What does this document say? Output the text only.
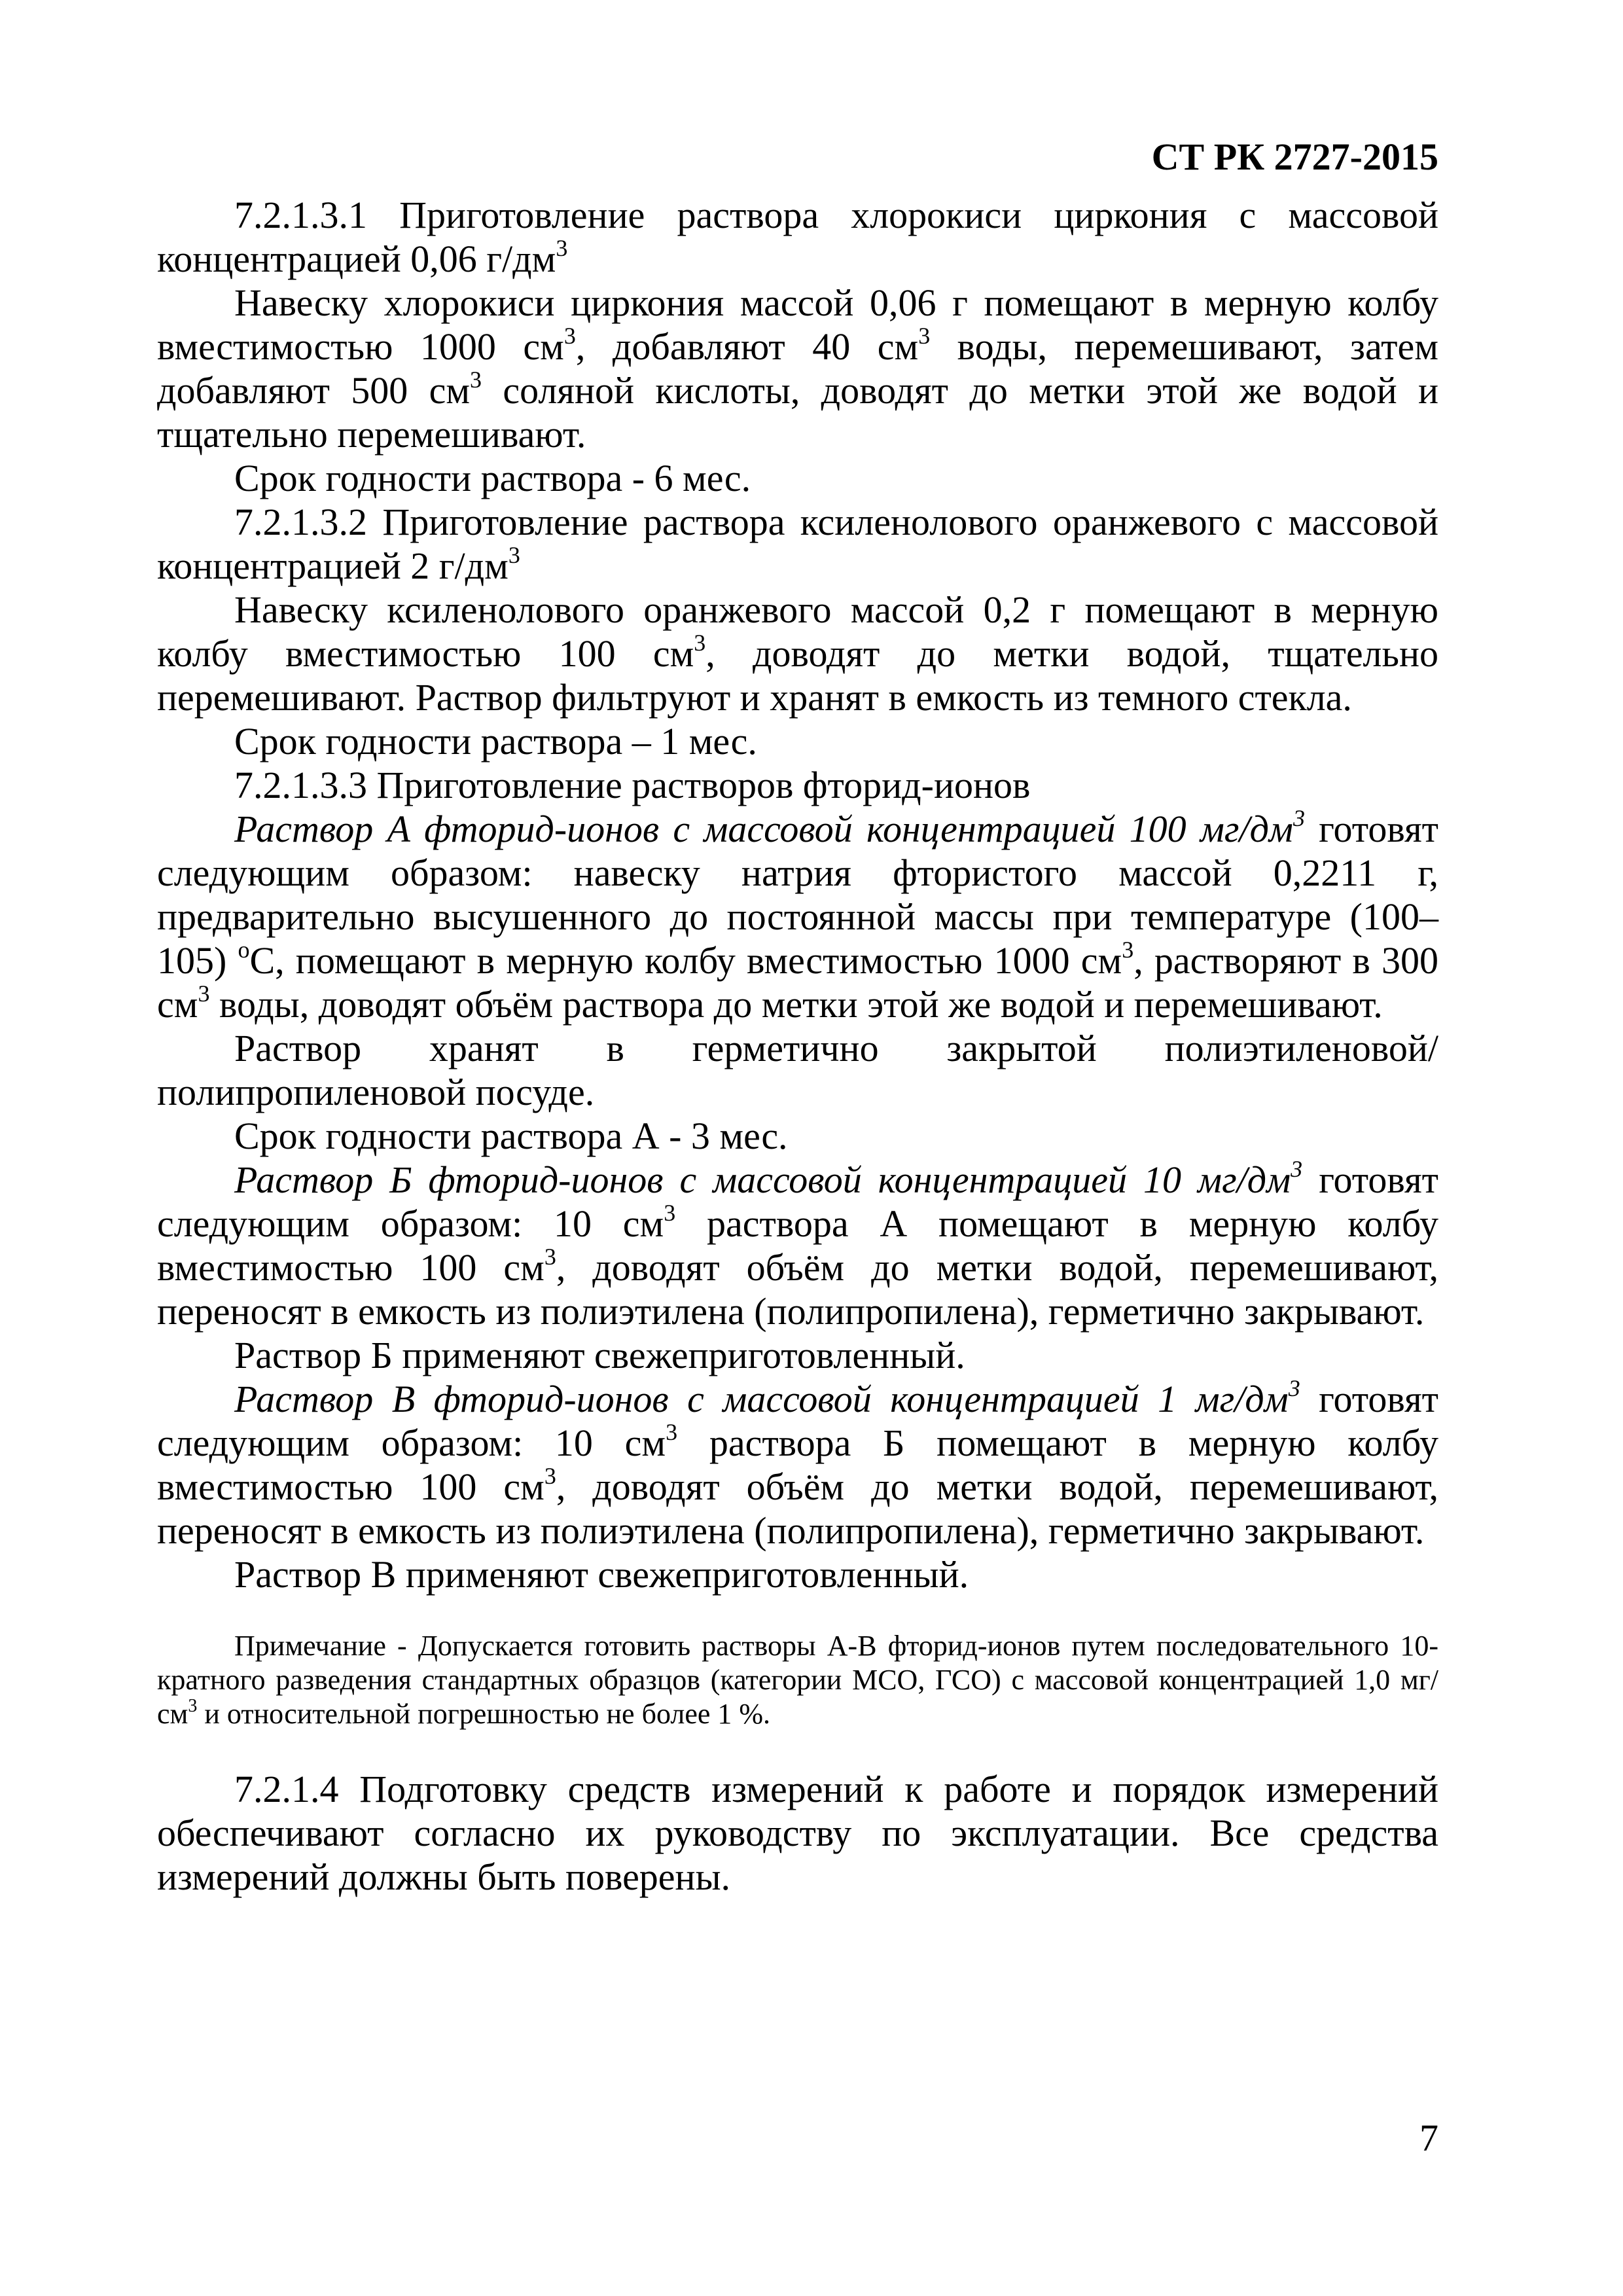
СТ РК 2727-2015

7.2.1.3.1 Приготовление раствора хлорокиси циркония с массовой концентрацией 0,06 $г/дм^3$

Навеску хлорокиси циркония массой 0,06 г помещают в мерную колбу вместимостью 1000 $см^3$, добавляют 40 $см^3$ воды, перемешивают, затем добавляют 500 $см^3$ соляной кислоты, доводят до метки этой же водой и тщательно перемешивают.

Срок годности раствора - 6 мес.

7.2.1.3.2 Приготовление раствора ксиленолового оранжевого с массовой концентрацией 2 $г/дм^3$

Навеску ксиленолового оранжевого массой 0,2 г помещают в мерную колбу вместимостью 100 $см^3$, доводят до метки водой, тщательно перемешивают. Раствор фильтруют и хранят в емкость из темного стекла.

Срок годности раствора – 1 мес.

7.2.1.3.3 Приготовление растворов фторид-ионов

Раствор А фторид-ионов с массовой концентрацией 100 $мг/дм^3$ готовят следующим образом: навеску натрия фтористого массой 0,2211 г, предварительно высушенного до постоянной массы при температуре (100–105) $^о$С, помещают в мерную колбу вместимостью 1000 $см^3$, растворяют в 300 $см^3$ воды, доводят объём раствора до метки этой же водой и перемешивают.

Раствор хранят в герметично закрытой полиэтиленовой/ полипропиленовой посуде.

Срок годности раствора А - 3 мес.

Раствор Б фторид-ионов с массовой концентрацией 10 $мг/дм^3$ готовят следующим образом: 10 $см^3$ раствора А помещают в мерную колбу вместимостью 100 $см^3$, доводят объём до метки водой, перемешивают, переносят в емкость из полиэтилена (полипропилена), герметично закрывают.

Раствор Б применяют свежеприготовленный.

Раствор В фторид-ионов с массовой концентрацией 1 $мг/дм^3$ готовят следующим образом: 10 $см^3$ раствора Б помещают в мерную колбу вместимостью 100 $см^3$, доводят объём до метки водой, перемешивают, переносят в емкость из полиэтилена (полипропилена), герметично закрывают.

Раствор В применяют свежеприготовленный.

Примечание - Допускается готовить растворы А-В фторид-ионов путем последовательного 10-кратного разведения стандартных образцов (категории МСО, ГСО) с массовой концентрацией 1,0 $мг/см^3$ и относительной погрешностью не более 1 %.

7.2.1.4 Подготовку средств измерений к работе и порядок измерений обеспечивают согласно их руководству по эксплуатации. Все средства измерений должны быть поверены.

7
